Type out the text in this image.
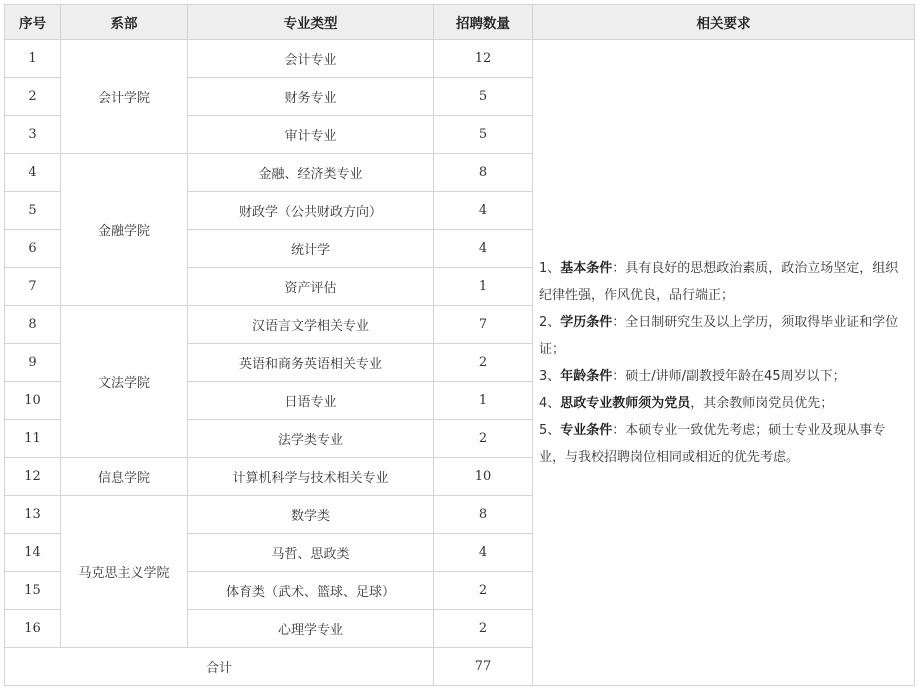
序号	系部	专业类型	招聘数量	相关要求
1	会计学院	会计专业	12	1、基本条件：具有良好的思想政治素质，政治立场坚定，组织纪律性强，作风优良，品行端正；
2、学历条件：全日制研究生及以上学历，须取得毕业证和学位证；
3、年龄条件：硕士/讲师/副教授年龄在45周岁以下；
4、思政专业教师须为党员，其余教师岗党员优先；
5、专业条件：本硕专业一致优先考虑；硕士专业及现从事专业，与我校招聘岗位相同或相近的优先考虑。

2		财务专业	5	
3		审计专业	5	
4	金融学院	金融、经济类专业	8	
5		财政学（公共财政方向）	4	
6		统计学	4	
7		资产评估	1	
8	文法学院	汉语言文学相关专业	7	
9		英语和商务英语相关专业	2	
10		日语专业	1	
11		法学类专业	2	
12	信息学院	计算机科学与技术相关专业	10	
13	马克思主义学院	数学类	8	
14		马哲、思政类	4	
15		体育类（武术、篮球、足球）	2	
16		心理学专业	2	
合计			77	
